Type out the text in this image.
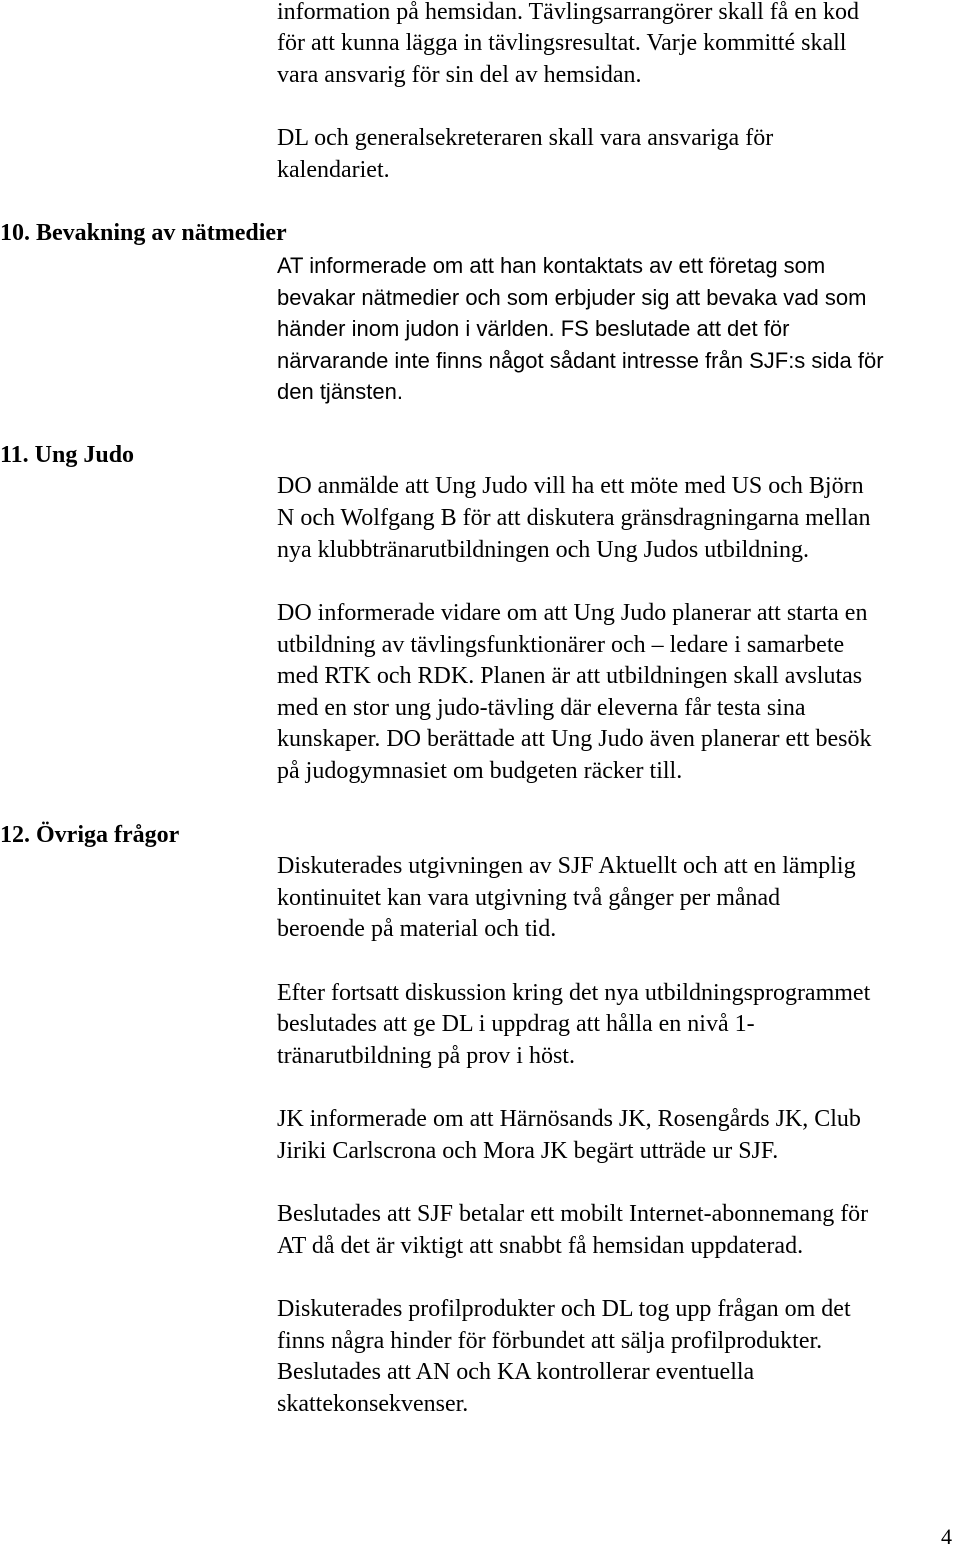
information på hemsidan. Tävlingsarrangörer skall få en kod

för att kunna lägga in tävlingsresultat. Varje kommitté skall

vara ansvarig för sin del av hemsidan.

DL och generalsekreteraren skall vara ansvariga för

kalendariet.

10. Bevakning av nätmedier

AT informerade om att han kontaktats av ett företag som

bevakar nätmedier och som erbjuder sig att bevaka vad som

händer inom judon i världen. FS beslutade att det för

närvarande inte finns något sådant intresse från SJF:s sida för

den tjänsten.

11. Ung Judo

DO anmälde att Ung Judo vill ha ett möte med US och Björn

N och Wolfgang B för att diskutera gränsdragningarna mellan

nya klubbtränarutbildningen och Ung Judos utbildning.

DO informerade vidare om att Ung Judo planerar att starta en

utbildning av tävlingsfunktionärer och – ledare i samarbete

med RTK och RDK. Planen är att utbildningen skall avslutas

med en stor ung judo-tävling där eleverna får testa sina

kunskaper. DO berättade att Ung Judo även planerar ett besök

på judogymnasiet om budgeten räcker till.

12. Övriga frågor

Diskuterades utgivningen av SJF Aktuellt och att en lämplig

kontinuitet kan vara utgivning två gånger per månad

beroende på material och tid.

Efter fortsatt diskussion kring det nya utbildningsprogrammet

beslutades att ge DL i uppdrag att hålla en nivå 1-

tränarutbildning på prov i höst.

JK informerade om att Härnösands JK, Rosengårds JK, Club

Jiriki Carlscrona och Mora JK begärt utträde ur SJF.

Beslutades att SJF betalar ett mobilt Internet-abonnemang för

AT då det är viktigt att snabbt få hemsidan uppdaterad.

Diskuterades profilprodukter och DL tog upp frågan om det

finns några hinder för förbundet att sälja profilprodukter.

Beslutades att AN och KA kontrollerar eventuella

skattekonsekvenser.

4
